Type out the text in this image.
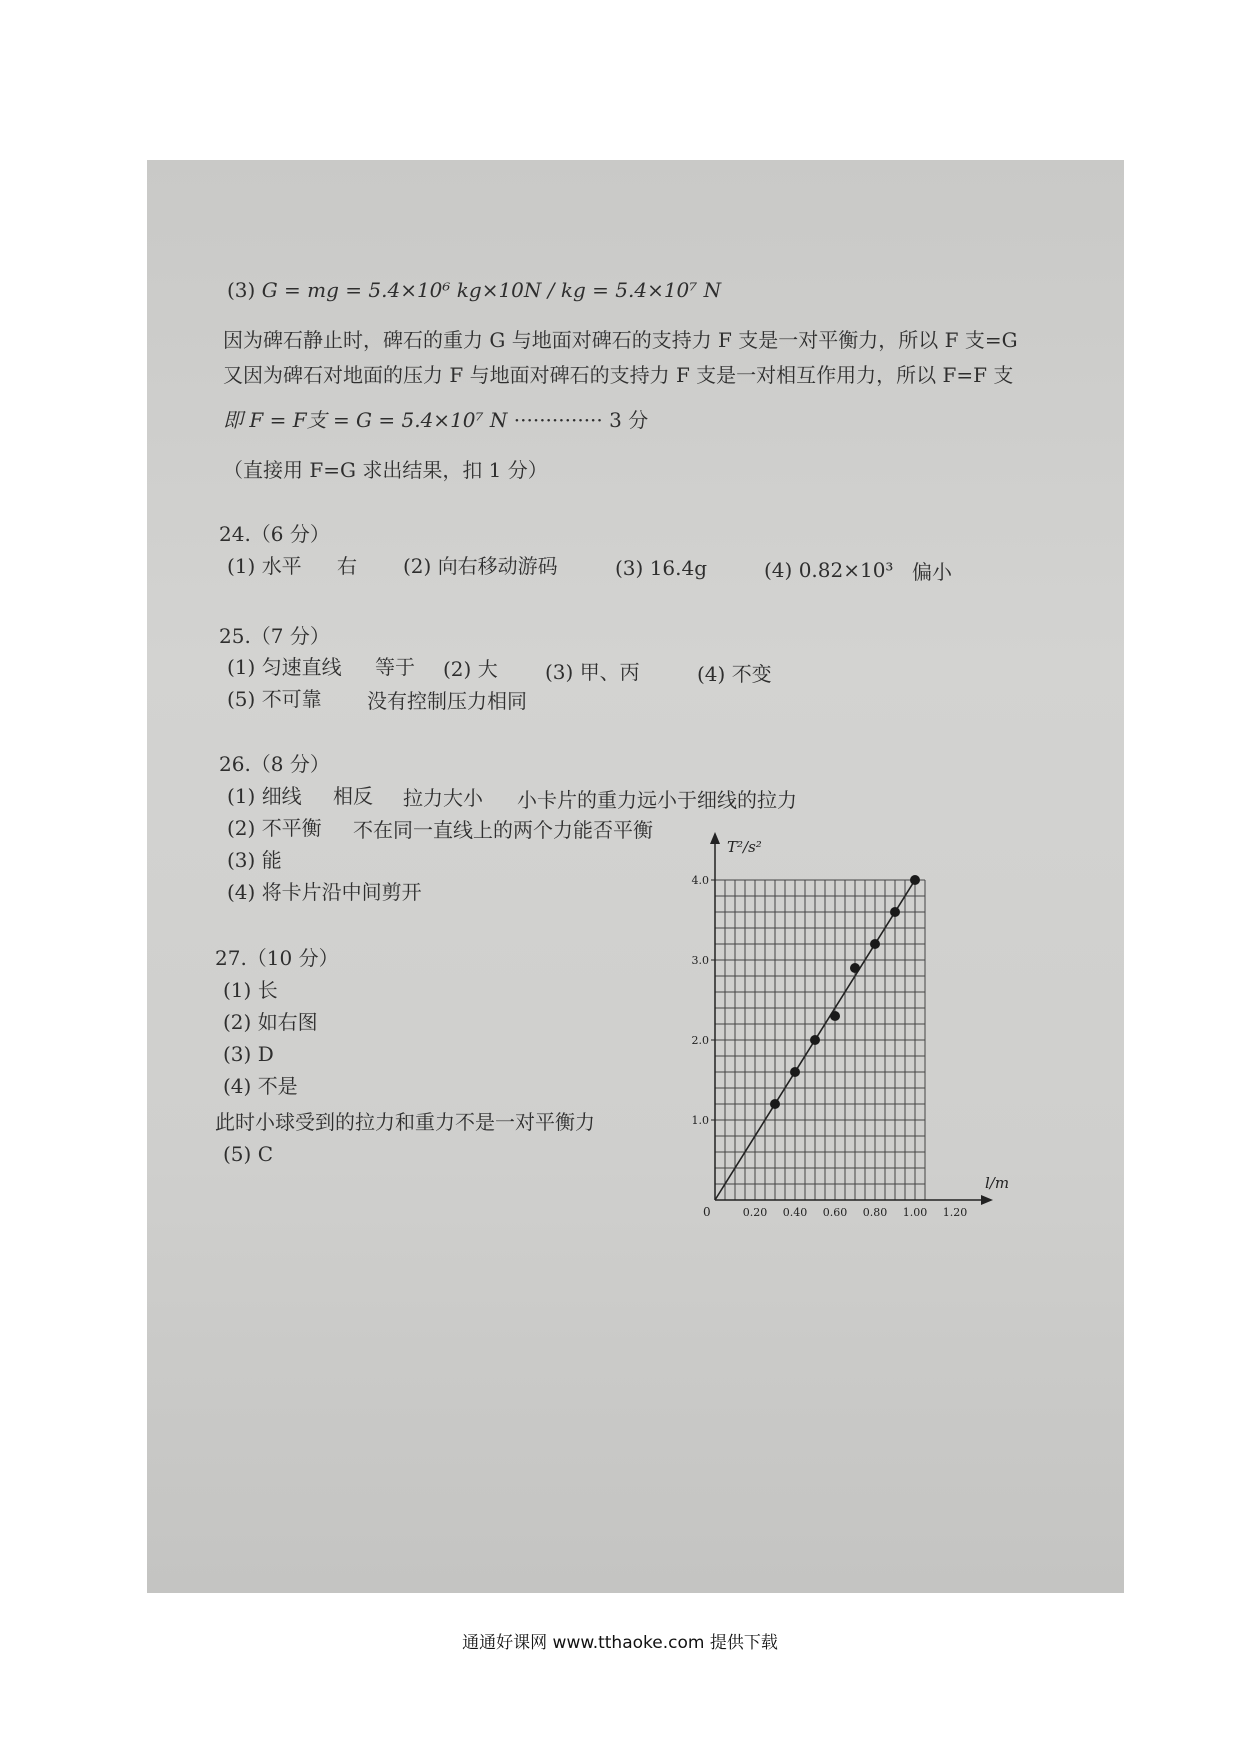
(3) G = mg = 5.4×10⁶ kg×10N / kg = 5.4×10⁷ N
因为碑石静止时，碑石的重力 G 与地面对碑石的支持力 F 支是一对平衡力，所以 F 支=G
又因为碑石对地面的压力 F 与地面对碑石的支持力 F 支是一对相互作用力，所以 F=F 支
即 F = F支 = G = 5.4×10⁷ N ·············· 3 分
（直接用 F=G 求出结果，扣 1 分）
24.（6 分）
(1) 水平 右 (2) 向右移动游码	(3) 16.4g	(4) 0.82×10³ 偏小
25.（7 分）
(1) 匀速直线 等于 (2) 大 (3) 甲、丙	(4) 不变
(5) 不可靠 没有控制压力相同
26.（8 分）
(1) 细线 相反 拉力大小 小卡片的重力远小于细线的拉力
(2) 不平衡 不在同一直线上的两个力能否平衡
(3) 能
(4) 将卡片沿中间剪开
27.（10 分）
(1) 长
(2) 如右图
(3) D
(4) 不是
此时小球受到的拉力和重力不是一对平衡力
(5) C
l/m
T²/s²
0	0.20 0.40 0.60 0.80 1.00 1.20
1.0
2.0
3.0
4.0
通通好课网 www.tthaoke.com 提供下载
